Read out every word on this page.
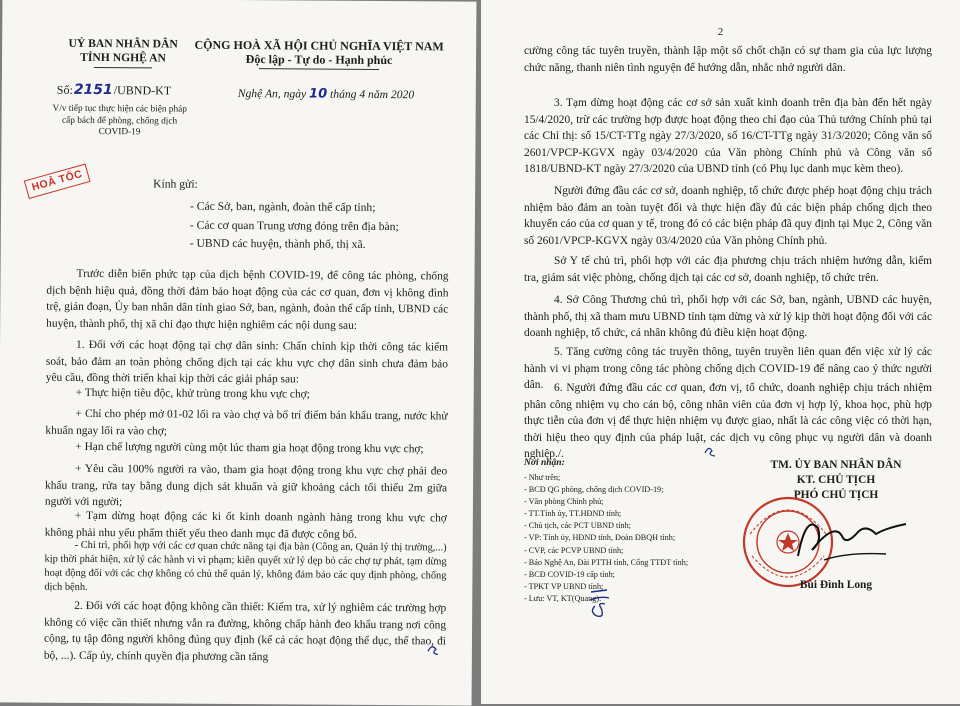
UỶ BAN NHÂN DÂN
TỈNH NGHỆ AN
CỘNG HOÀ XÃ HỘI CHỦ NGHĨA VIỆT NAM
Độc lập - Tự do - Hạnh phúc
Số:2151/UBND-KT	Nghệ An, ngày 10 tháng 4 năm 2020
V/v tiếp tục thực hiện các biện pháp cấp bách để phòng, chống dịch COVID-19
HOẢ TỐC	Kính gửi:
- Các Sở, ban, ngành, đoàn thể cấp tỉnh;
- Các cơ quan Trung ương đóng trên địa bàn;
- UBND các huyện, thành phố, thị xã.
Trước diễn biến phức tạp của dịch bệnh COVID-19, để công tác phòng, chống dịch bệnh hiệu quả, đồng thời đảm bảo hoạt động của các cơ quan, đơn vị không đình trệ, gián đoạn, Ủy ban nhân dân tỉnh giao Sở, ban, ngành, đoàn thể cấp tỉnh, UBND các huyện, thành phố, thị xã chỉ đạo thực hiện nghiêm các nội dung sau:
1. Đối với các hoạt động tại chợ dân sinh: Chấn chỉnh kịp thời công tác kiểm soát, bảo đảm an toàn phòng chống dịch tại các khu vực chợ dân sinh chưa đảm bảo yêu cầu, đồng thời triển khai kịp thời các giải pháp sau:
+ Thực hiện tiêu độc, khử trùng trong khu vực chợ;
+ Chỉ cho phép mở 01-02 lối ra vào chợ và bố trí điểm bán khẩu trang, nước khử khuẩn ngay lối ra vào chợ;
+ Hạn chế lượng người cùng một lúc tham gia hoạt động trong khu vực chợ;
+ Yêu cầu 100% người ra vào, tham gia hoạt động trong khu vực chợ phải đeo khẩu trang, rửa tay bằng dung dịch sát khuẩn và giữ khoảng cách tối thiểu 2m giữa người với người;
+ Tạm dừng hoạt động các ki ốt kinh doanh ngành hàng trong khu vực chợ không phải nhu yếu phẩm thiết yếu theo danh mục đã được công bố.
- Chỉ trì, phối hợp với các cơ quan chức năng tại địa bàn (Công an, Quản lý thị trường,...) kịp thời phát hiện, xử lý các hành vi vi phạm; kiên quyết xử lý dẹp bỏ các chợ tự phát, tạm dừng hoạt động đối với các chợ không có chủ thể quản lý, không đảm bảo các quy định phòng, chống dịch bệnh.
2. Đối với các hoạt động không cần thiết: Kiểm tra, xử lý nghiêm các trường hợp không có việc cần thiết nhưng vẫn ra đường, không chấp hành đeo khẩu trang nơi công cộng, tụ tập đông người không đúng quy định (kể cả các hoạt động thể dục, thể thao, đi bộ, ...). Cấp ủy, chính quyền địa phương cần tăng
2
cường công tác tuyên truyền, thành lập một số chốt chặn có sự tham gia của lực lượng chức năng, thanh niên tình nguyện để hướng dẫn, nhắc nhở người dân.
3. Tạm dừng hoạt động các cơ sở sản xuất kinh doanh trên địa bàn đến hết ngày 15/4/2020, trừ các trường hợp được hoạt động theo chỉ đạo của Thủ tướng Chính phủ tại các Chỉ thị: số 15/CT-TTg ngày 27/3/2020, số 16/CT-TTg ngày 31/3/2020; Công văn số 2601/VPCP-KGVX ngày 03/4/2020 của Văn phòng Chính phủ và Công văn số 1818/UBND-KT ngày 27/3/2020 của UBND tỉnh (có Phụ lục danh mục kèm theo).
Người đứng đầu các cơ sở, doanh nghiệp, tổ chức được phép hoạt động chịu trách nhiệm bảo đảm an toàn tuyệt đối và thực hiện đầy đủ các biện pháp chống dịch theo khuyến cáo của cơ quan y tế, trong đó có các biện pháp đã quy định tại Mục 2, Công văn số 2601/VPCP-KGVX ngày 03/4/2020 của Văn phòng Chính phủ.
Sở Y tế chủ trì, phối hợp với các địa phương chịu trách nhiệm hướng dẫn, kiểm tra, giám sát việc phòng, chống dịch tại các cơ sở, doanh nghiệp, tổ chức trên.
4. Sở Công Thương chủ trì, phối hợp với các Sở, ban, ngành, UBND các huyện, thành phố, thị xã tham mưu UBND tỉnh tạm dừng và xử lý kịp thời hoạt động đối với các doanh nghiệp, tổ chức, cá nhân không đủ điều kiện hoạt động.
5. Tăng cường công tác truyền thông, tuyên truyền liên quan đến việc xử lý các hành vi vi phạm trong công tác phòng chống dịch COVID-19 để nâng cao ý thức người dân. 6. Người đứng đầu các cơ quan, đơn vị, tổ chức, doanh nghiệp chịu trách nhiệm phân công nhiệm vụ cho cán bộ, công nhân viên của đơn vị hợp lý, khoa học, phù hợp thực tiễn của đơn vị để thực hiện nhiệm vụ được giao, nhất là các công việc có thời hạn, thời hiệu theo quy định của pháp luật, các dịch vụ công phục vụ người dân và doanh nghiệp./.
Nơi nhận:
- Như trên;
- BCĐ QG phòng, chống dịch COVID-19;
- Văn phòng Chính phủ;
- TT.Tỉnh ủy, TT.HĐND tỉnh;
- Chủ tịch, các PCT UBND tỉnh;
- VP: Tỉnh ủy, HĐND tỉnh, Đoàn ĐBQH tỉnh;
- CVP, các PCVP UBND tỉnh;
- Báo Nghệ An, Đài PTTH tỉnh, Cổng TTĐT tỉnh;
- BCĐ COVID-19 cấp tỉnh;
- TPKT VP UBND tỉnh;
- Lưu: VT, KT(Quang).
TM. ỦY BAN NHÂN DÂN
KT. CHỦ TỊCH
PHÓ CHỦ TỊCH
Bùi Đình Long
